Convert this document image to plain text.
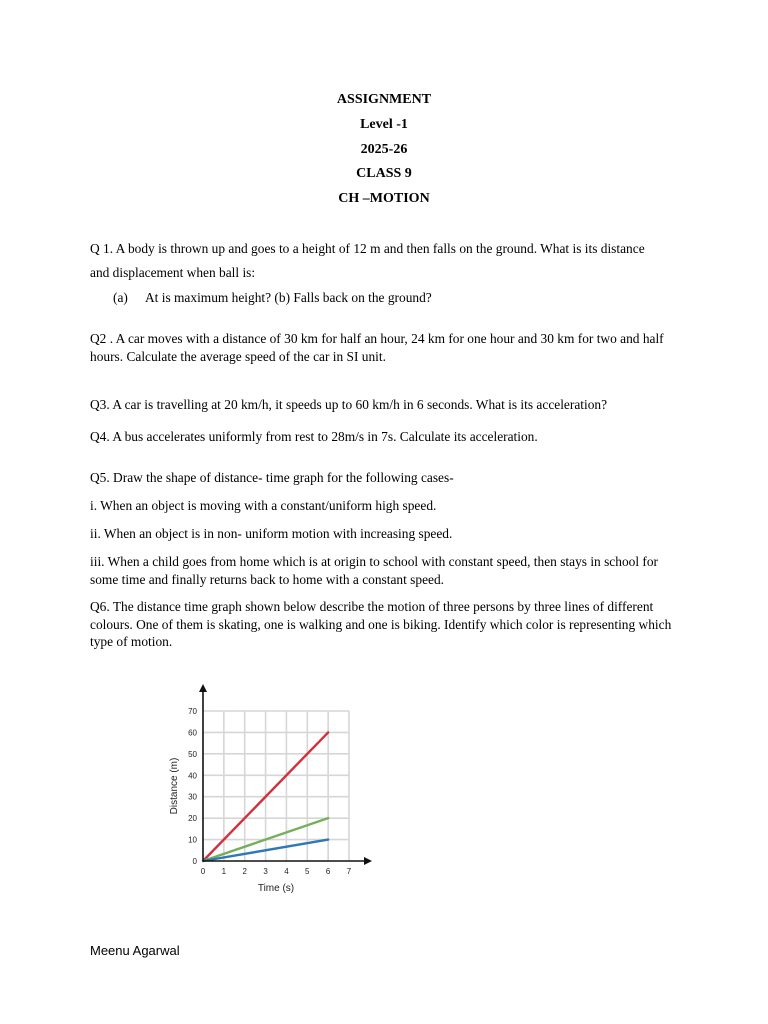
ASSIGNMENT
Level -1
2025-26
CLASS 9
CH –MOTION
Q 1. A body is thrown up and goes to a height of 12 m and then falls on the ground. What is its distance
and displacement when ball is:
(a) At is maximum height? (b) Falls back on the ground?
Q2 . A car moves with a distance of 30 km for half an hour, 24 km for one hour and 30 km for two and half hours. Calculate the average speed of the car in SI unit.
Q3. A car is travelling at 20 km/h, it speeds up to 60 km/h in 6 seconds. What is its acceleration?
Q4. A bus accelerates uniformly from rest to 28m/s in 7s. Calculate its acceleration.
Q5. Draw the shape of distance- time graph for the following cases-
i. When an object is moving with a constant/uniform high speed.
ii. When an object is in non- uniform motion with increasing speed.
iii. When a child goes from home which is at origin to school with constant speed, then stays in school for some time and finally returns back to home with a constant speed.
Q6. The distance time graph shown below describe the motion of three persons by three lines of different colours. One of them is skating, one is walking and one is biking. Identify which color is representing which type of motion.
0 1 2 3 4 5 6 7
0
10
20
30
40
50
60
70
Time (s)
Distance (m)
Meenu Agarwal
